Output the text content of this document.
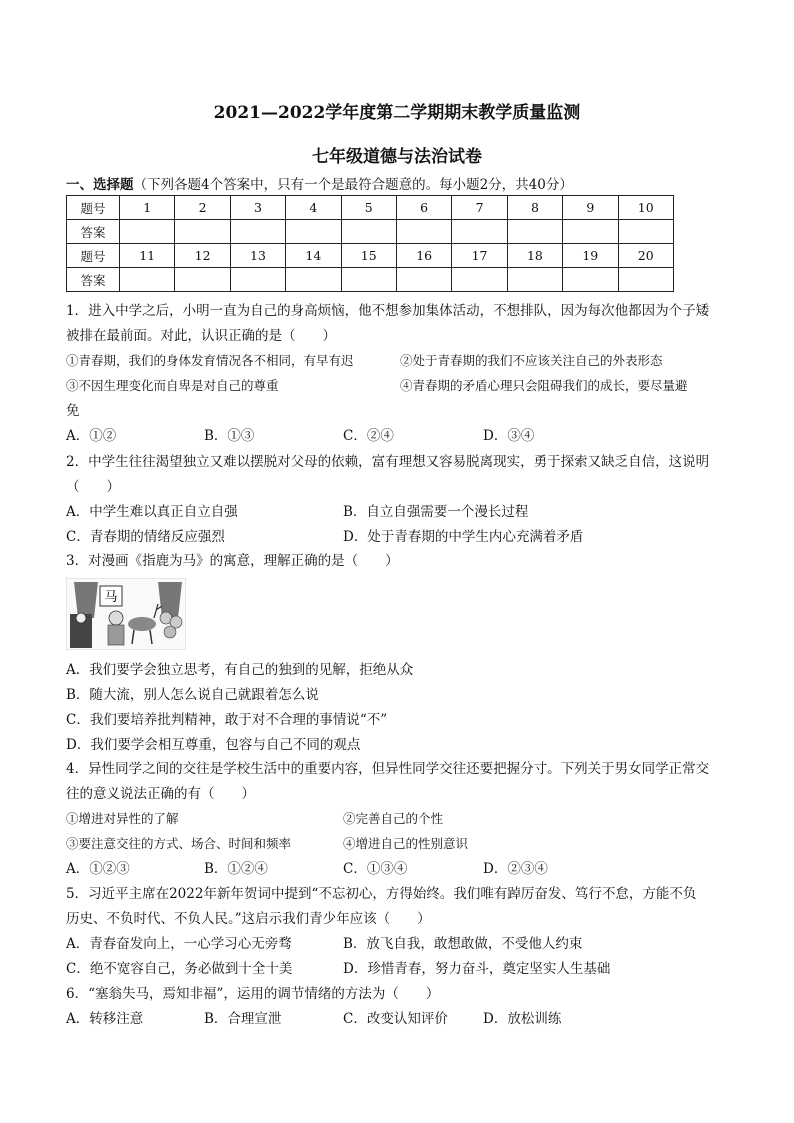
2021—2022学年度第二学期期末教学质量监测
七年级道德与法治试卷
一、选择题（下列各题4个答案中，只有一个是最符合题意的。每小题2分，共40分）
题号	1	2	3	4	5	6	7	8	9	10
答案										
题号	11	12	13	14	15	16	17	18	19	20
答案										
1．进入中学之后，小明一直为自己的身高烦恼，他不想参加集体活动，不想排队，因为每次他都因为个子矮
被排在最前面。对此，认识正确的是（　　）
①青春期，我们的身体发育情况各不相同，有早有迟	②处于青春期的我们不应该关注自己的外表形态
③不因生理变化而自卑是对自己的尊重	④青春期的矛盾心理只会阻碍我们的成长，要尽量避
免
A．①②	B．①③	C．②④	D．③④
2．中学生往往渴望独立又难以摆脱对父母的依赖，富有理想又容易脱离现实，勇于探索又缺乏自信，这说明
（　　）
A．中学生难以真正自立自强	B．自立自强需要一个漫长过程
C．青春期的情绪反应强烈	D．处于青春期的中学生内心充满着矛盾
3．对漫画《指鹿为马》的寓意，理解正确的是（　　）
马
A．我们要学会独立思考，有自己的独到的见解，拒绝从众
B．随大流，别人怎么说自己就跟着怎么说
C．我们要培养批判精神，敢于对不合理的事情说“不”
D．我们要学会相互尊重，包容与自己不同的观点
4．异性同学之间的交往是学校生活中的重要内容，但异性同学交往还要把握分寸。下列关于男女同学正常交
往的意义说法正确的有（　　）
①增进对异性的了解	②完善自己的个性
③要注意交往的方式、场合、时间和频率	④增进自己的性别意识
A．①②③	B．①②④	C．①③④	D．②③④
5．习近平主席在2022年新年贺词中提到“不忘初心，方得始终。我们唯有踔厉奋发、笃行不怠，方能不负
历史、不负时代、不负人民。”这启示我们青少年应该（　　）
A．青春奋发向上，一心学习心无旁骛	B．放飞自我，敢想敢做，不受他人约束
C．绝不宽容自己，务必做到十全十美	D．珍惜青春，努力奋斗，奠定坚实人生基础
6．“塞翁失马，焉知非福”，运用的调节情绪的方法为（　　）
A．转移注意	B．合理宣泄	C．改变认知评价	D．放松训练
